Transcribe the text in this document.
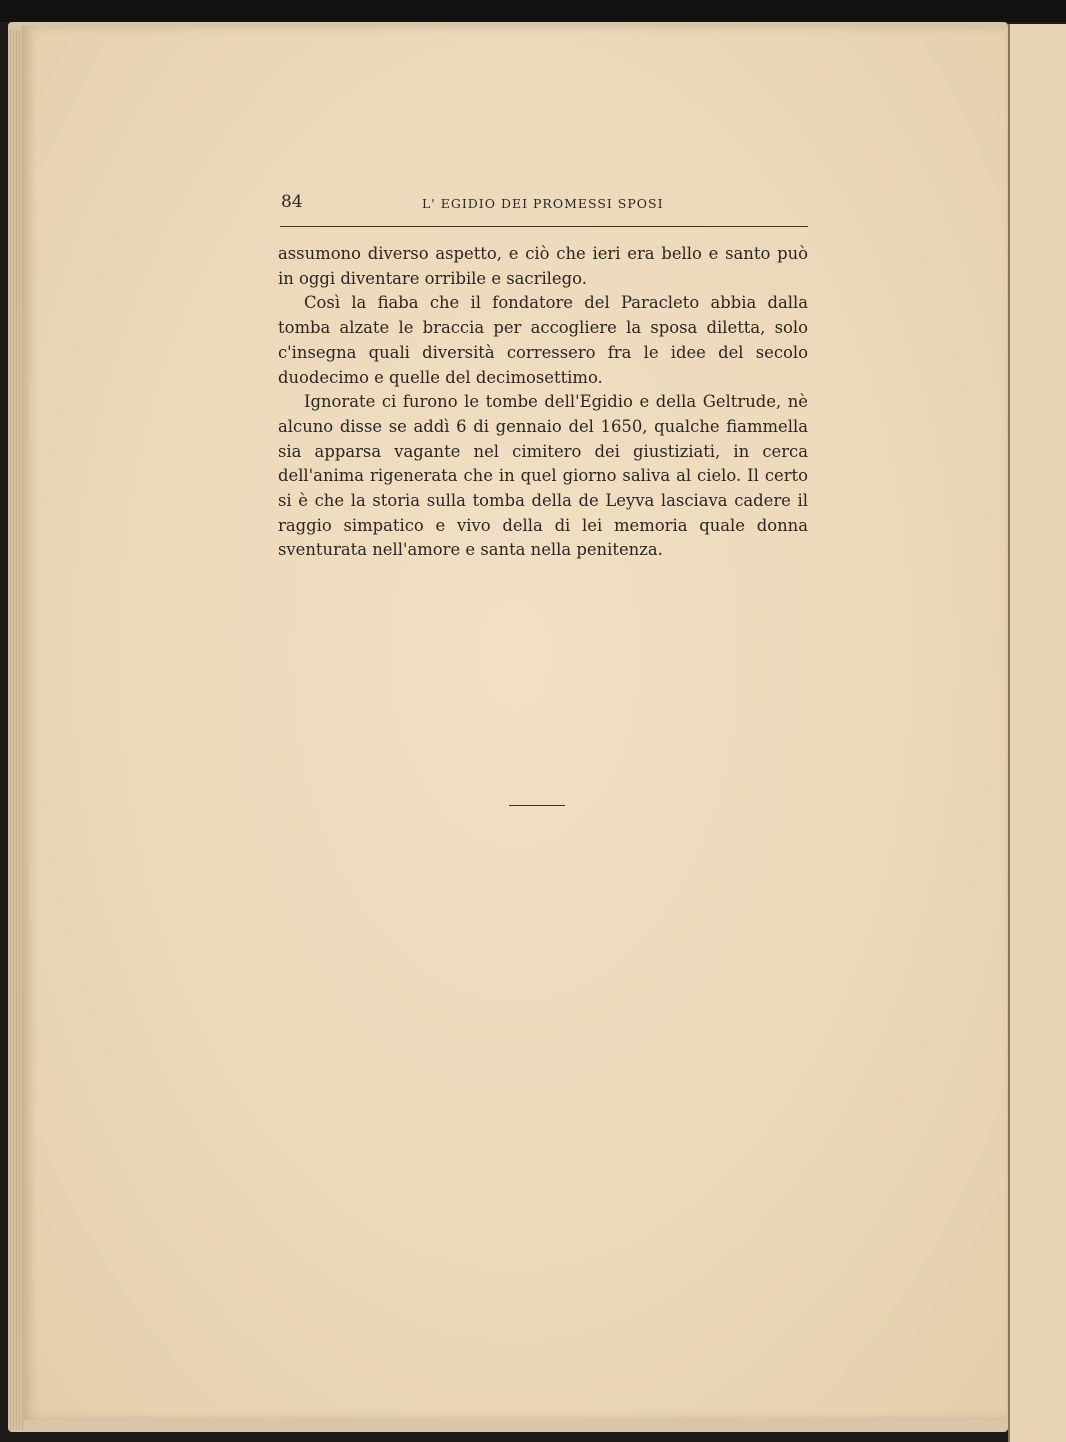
84	L' EGIDIO DEI PROMESSI SPOSI

assumono diverso aspetto, e ciò che ieri era bello e santo può in oggi diventare orribile e sacrilego.

Così la fiaba che il fondatore del Paracleto abbia dalla tomba alzate le braccia per accogliere la sposa diletta, solo c'insegna quali diversità corressero fra le idee del secolo duodecimo e quelle del decimosettimo.

Ignorate ci furono le tombe dell'Egidio e della Geltrude, nè alcuno disse se addì 6 di gennaio del 1650, qualche fiammella sia apparsa vagante nel cimitero dei giustiziati, in cerca dell'anima rigenerata che in quel giorno saliva al cielo. Il certo si è che la storia sulla tomba della de Leyva lasciava cadere il raggio simpatico e vivo della di lei memoria quale donna sventurata nell'amore e santa nella penitenza.
